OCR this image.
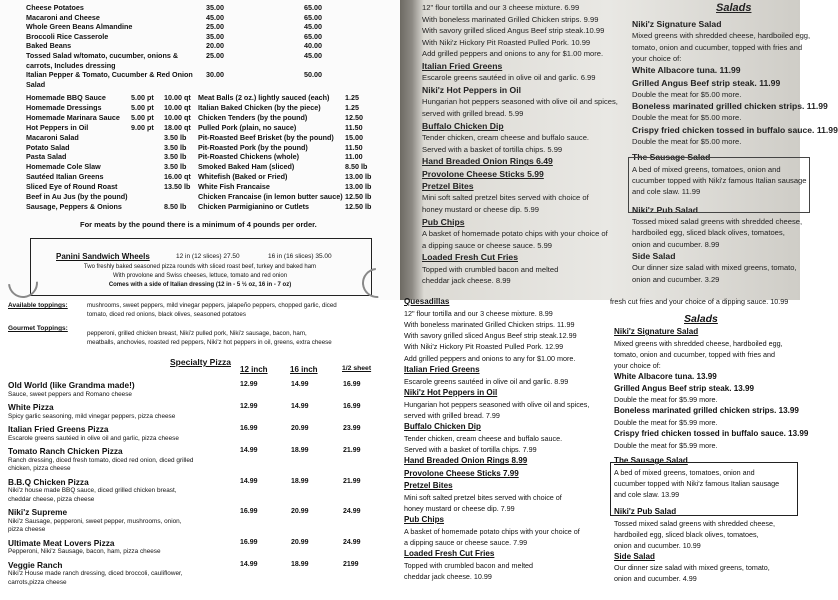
Cheese Potatoes	35.00	65.00
Macaroni and Cheese	45.00	65.00
Whole Green Beans Almandine	25.00	45.00
Broccoli Rice Casserole	35.00	65.00
Baked Beans	20.00	40.00
Tossed Salad w/tomato, cucumber, onions &	25.00	45.00
carrots, Includes dressing
Italian Pepper & Tomato, Cucumber & Red Onion 30.00	50.00
Salad
Homemade BBQ Sauce	5.00 pt 10.00 qt
Homemade Dressings	5.00 pt 10.00 qt
Homemade Marinara Sauce 5.00 pt 10.00 qt
Hot Peppers in Oil	9.00 pt 18.00 qt
Macaroni Salad	3.50 lb
Potato Salad	3.50 lb
Pasta Salad	3.50 lb
Homemade Cole Slaw	3.50 lb
Sautéed Italian Greens	16.00 qt
Sliced Eye of Round Roast	13.50 lb
Beef in Au Jus (by the pound)
Sausage, Peppers & Onions	8.50 lb
Meat Balls (2 oz.) lightly sauced (each) 1.25
Italian Baked Chicken (by the piece)	1.25
Chicken Tenders (by the pound)	12.50
Pulled Pork (plain, no sauce)	11.50
Pit-Roasted Beef Brisket (by the pound) 15.00
Pit-Roasted Pork (by the pound)	11.50
Pit-Roasted Chickens (whole)	11.00
Smoked Baked Ham (sliced)	8.50 lb
Whitefish (Baked or Fried)	13.00 lb
White Fish Francaise	13.00 lb
Chicken Francaise (in lemon butter sauce) 12.50 lb
Chicken Parmigianino or Cutlets	12.50 lb
For meats by the pound there is a minimum of 4 pounds per order.
Panini Sandwich Wheels	12 in (12 slices) 27.50	16 in (16 slices) 35.00
Two freshly baked seasoned pizza rounds with sliced roast beef, turkey and baked ham
With provolone and Swiss cheeses, lettuce, tomato and red onion
Comes with a side of Italian dressing (12 in - 5 ½ oz, 16 in - 7 oz)
12" flour tortilla and our 3 cheese mixture. 6.99
With boneless marinated Grilled Chicken strips. 9.99
With savory grilled sliced Angus Beef strip steak.10.99
With Niki'z Hickory Pit Roasted Pulled Pork. 10.99
Add grilled peppers and onions to any for $1.00 more.
Italian Fried Greens
Escarole greens sautéed in olive oil and garlic. 6.99
Niki'z Hot Peppers in Oil
Hungarian hot peppers seasoned with olive oil and spices,
served with grilled bread. 5.99
Buffalo Chicken Dip
Tender chicken, cream cheese and buffalo sauce.
Served with a basket of tortilla chips. 5.99
Hand Breaded Onion Rings 6.49
Provolone Cheese Sticks 5.99
Pretzel Bites
Mini soft salted pretzel bites served with choice of
honey mustard or cheese dip. 5.99
Pub Chips
A basket of homemade potato chips with your choice of
a dipping sauce or cheese sauce. 5.99
Loaded Fresh Cut Fries
Topped with crumbled bacon and melted
cheddar jack cheese. 8.99
Salads
Niki'z Signature Salad
Mixed greens with shredded cheese, hardboiled egg,
tomato, onion and cucumber, topped with fries and
your choice of:
White Albacore tuna. 11.99
Grilled Angus Beef strip steak. 11.99
Double the meat for $5.00 more.
Boneless marinated grilled chicken strips. 11.99
Double the meat for $5.00 more.
Crispy fried chicken tossed in buffalo sauce. 11.99
Double the meat for $5.00 more.
The Sausage Salad
A bed of mixed greens, tomatoes, onion and
cucumber topped with Niki'z famous Italian sausage
and cole slaw. 11.99
Niki'z Pub Salad
Tossed mixed salad greens with shredded cheese,
hardboiled egg, sliced black olives, tomatoes,
onion and cucumber. 8.99
Side Salad
Our dinner size salad with mixed greens, tomato,
onion and cucumber. 3.29
Available toppings:	mushrooms, sweet peppers, mild vinegar peppers, jalapeño peppers, chopped garlic, diced
tomato, diced red onions, black olives, seasoned potatoes
Gourmet Toppings:
pepperoni, grilled chicken breast, Niki'z pulled pork, Niki'z sausage, bacon, ham,
meatballs, anchovies, roasted red peppers, Niki'z hot peppers in oil, greens, extra cheese
Specialty Pizza
12 inch	16 inch	1/2 sheet
Old World (like Grandma made!)	12.99	14.99	16.99
Sauce, sweet peppers and Romano cheese
White Pizza	12.99	14.99	16.99
Spicy garlic seasoning, mild vinegar peppers, pizza cheese
Italian Fried Greens Pizza	16.99	20.99	23.99
Escarole greens sautéed in olive oil and garlic, pizza cheese
Tomato Ranch Chicken Pizza	14.99	18.99	21.99
Ranch dressing, diced fresh tomato, diced red onion, diced grilled
chicken, pizza cheese
B.B.Q Chicken Pizza	14.99	18.99	21.99
Niki'z house made BBQ sauce, diced grilled chicken breast,
cheddar cheese, pizza cheese
Niki'z Supreme	16.99	20.99	24.99
Niki'z Sausage, pepperoni, sweet pepper, mushrooms, onion,
pizza cheese
Ultimate Meat Lovers Pizza	16.99	20.99	24.99
Pepperoni, Niki'z Sausage, bacon, ham, pizza cheese
Veggie Ranch	14.99	18.99	2199
Niki'z House made ranch dressing, diced broccoli, cauliflower,
carrots,pizza cheese
Quesadillas
12" flour tortilla and our 3 cheese mixture. 8.99
With boneless marinated Grilled Chicken strips. 11.99
With savory grilled sliced Angus Beef strip steak.12.99
With Niki'z Hickory Pit Roasted Pulled Pork. 12.99
Add grilled peppers and onions to any for $1.00 more.
Italian Fried Greens
Escarole greens sautéed in olive oil and garlic. 8.99
Niki'z Hot Peppers in Oil
Hungarian hot peppers seasoned with olive oil and spices,
served with grilled bread. 7.99
Buffalo Chicken Dip
Tender chicken, cream cheese and buffalo sauce.
Served with a basket of tortilla chips. 7.99
Hand Breaded Onion Rings 8.99
Provolone Cheese Sticks 7.99
Pretzel Bites
Mini soft salted pretzel bites served with choice of
honey mustard or cheese dip. 7.99
Pub Chips
A basket of homemade potato chips with your choice of
a dipping sauce or cheese sauce. 7.99
Loaded Fresh Cut Fries
Topped with crumbled bacon and melted
cheddar jack cheese. 10.99
fresh cut fries and your choice of a dipping sauce. 10.99
Salads
Niki'z Signature Salad
Mixed greens with shredded cheese, hardboiled egg,
tomato, onion and cucumber, topped with fries and
your choice of:
White Albacore tuna. 13.99
Grilled Angus Beef strip steak. 13.99
Double the meat for $5.99 more.
Boneless marinated grilled chicken strips. 13.99
Double the meat for $5.99 more.
Crispy fried chicken tossed in buffalo sauce. 13.99
Double the meat for $5.99 more.
The Sausage Salad
A bed of mixed greens, tomatoes, onion and
cucumber topped with Niki'z famous Italian sausage
and cole slaw. 13.99
Niki'z Pub Salad
Tossed mixed salad greens with shredded cheese,
hardboiled egg, sliced black olives, tomatoes,
onion and cucumber. 10.99
Side Salad
Our dinner size salad with mixed greens, tomato,
onion and cucumber. 4.99
